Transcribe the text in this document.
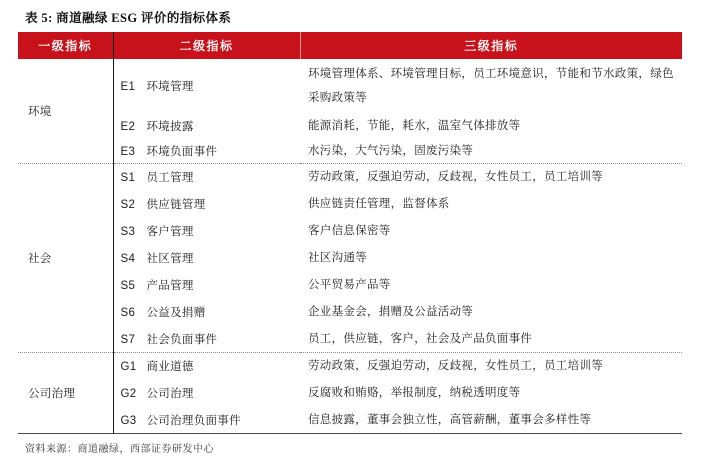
表 5: 商道融绿 ESG 评价的指标体系
一级指标	二级指标	三级指标
环境	E1 环境管理	环境管理体系、环境管理目标，员工环境意识，节能和节水政策，绿色采购政策等
	E2 环境披露	能源消耗，节能，耗水，温室气体排放等
	E3 环境负面事件	水污染，大气污染，固废污染等
社会	S1 员工管理	劳动政策，反强迫劳动，反歧视，女性员工，员工培训等
	S2 供应链管理	供应链责任管理，监督体系
	S3 客户管理	客户信息保密等
	S4 社区管理	社区沟通等
	S5 产品管理	公平贸易产品等
	S6 公益及捐赠	企业基金会，捐赠及公益活动等
	S7 社会负面事件	员工，供应链，客户，社会及产品负面事件
公司治理	G1 商业道德	劳动政策，反强迫劳动，反歧视，女性员工，员工培训等
	G2 公司治理	反腐败和贿赂，举报制度，纳税透明度等
	G3 公司治理负面事件	信息披露，董事会独立性，高管薪酬，董事会多样性等
资料来源：商道融绿，西部证券研发中心
